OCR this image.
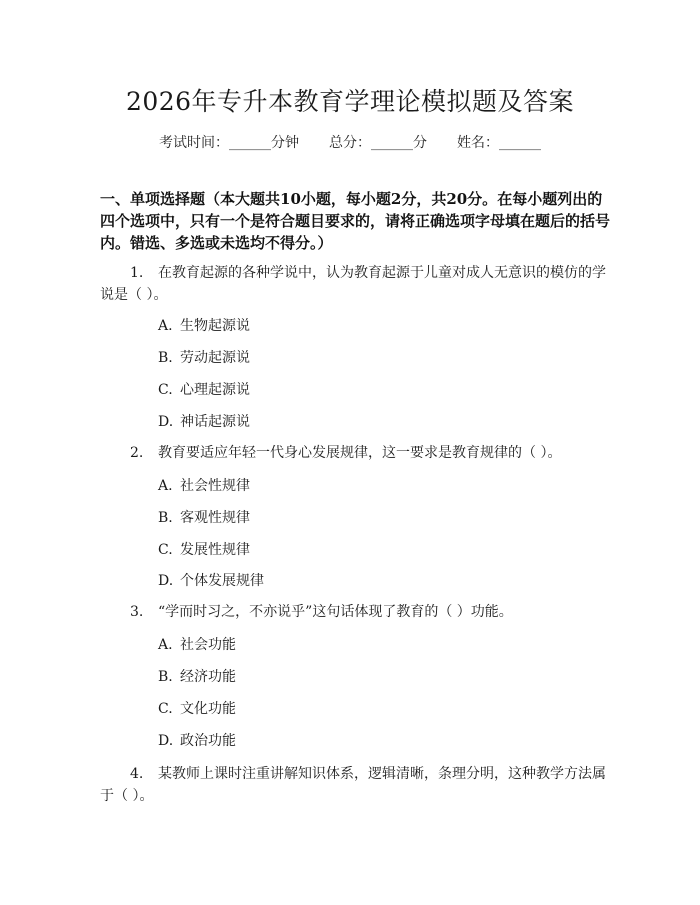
2026年专升本教育学理论模拟题及答案
考试时间：______分钟 总分：______分 姓名：______
一、单项选择题（本大题共10小题，每小题2分，共20分。在每小题列出的四个选项中，只有一个是符合题目要求的，请将正确选项字母填在题后的括号内。错选、多选或未选均不得分。）
1. 在教育起源的各种学说中，认为教育起源于儿童对成人无意识的模仿的学说是（ ）。
A. 生物起源说
B. 劳动起源说
C. 心理起源说
D. 神话起源说
2. 教育要适应年轻一代身心发展规律，这一要求是教育规律的（ ）。
A. 社会性规律
B. 客观性规律
C. 发展性规律
D. 个体发展规律
3. “学而时习之，不亦说乎”这句话体现了教育的（ ）功能。
A. 社会功能
B. 经济功能
C. 文化功能
D. 政治功能
4. 某教师上课时注重讲解知识体系，逻辑清晰，条理分明，这种教学方法属于（ ）。
